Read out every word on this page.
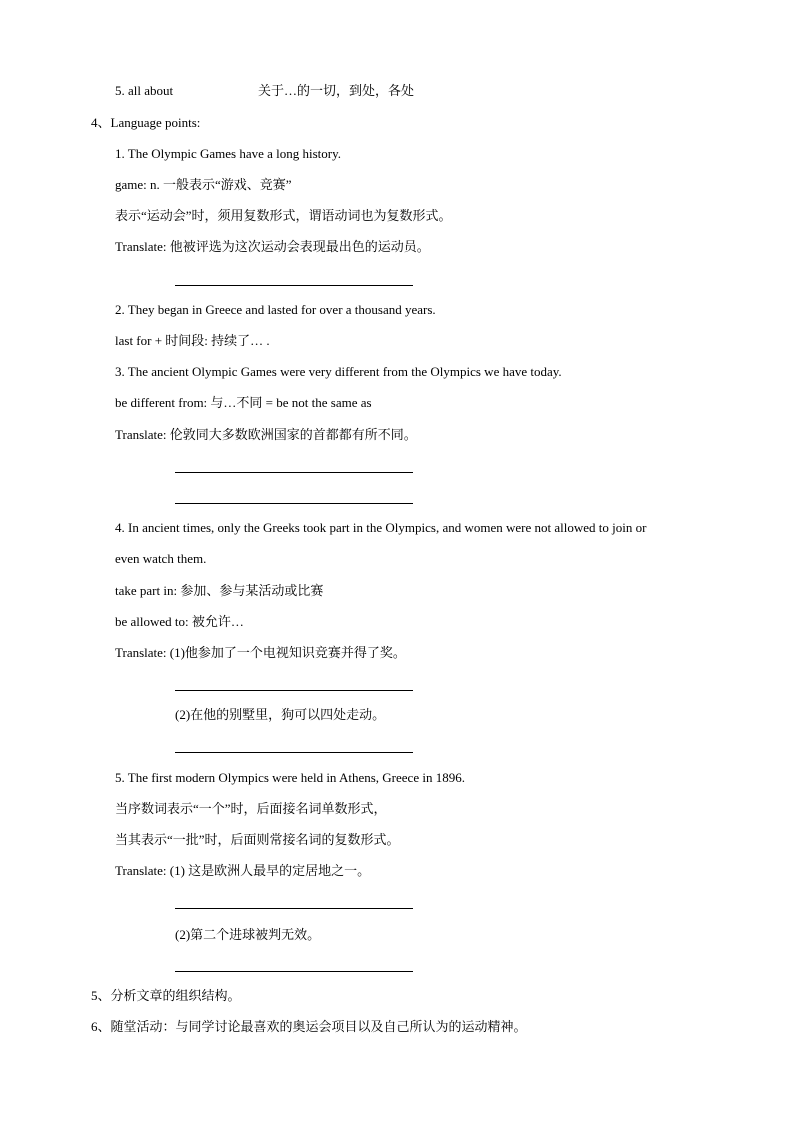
5. all about	关于…的一切，到处，各处
4、Language points:
1. The Olympic Games have a long history.
game: n. 一般表示“游戏、竞赛”
表示“运动会”时，须用复数形式，谓语动词也为复数形式。
Translate: 他被评选为这次运动会表现最出色的运动员。
2. They began in Greece and lasted for over a thousand years.
last for + 时间段: 持续了… .
3. The ancient Olympic Games were very different from the Olympics we have today.
be different from: 与…不同 = be not the same as
Translate: 伦敦同大多数欧洲国家的首都都有所不同。
4. In ancient times, only the Greeks took part in the Olympics, and women were not allowed to join or
even watch them.
take part in: 参加、参与某活动或比赛
be allowed to: 被允许…
Translate: (1)他参加了一个电视知识竞赛并得了奖。
(2)在他的别墅里，狗可以四处走动。
5. The first modern Olympics were held in Athens, Greece in 1896.
当序数词表示“一个”时，后面接名词单数形式，
当其表示“一批”时，后面则常接名词的复数形式。
Translate: (1) 这是欧洲人最早的定居地之一。
(2)第二个进球被判无效。
5、分析文章的组织结构。
6、随堂活动：与同学讨论最喜欢的奥运会项目以及自己所认为的运动精神。
